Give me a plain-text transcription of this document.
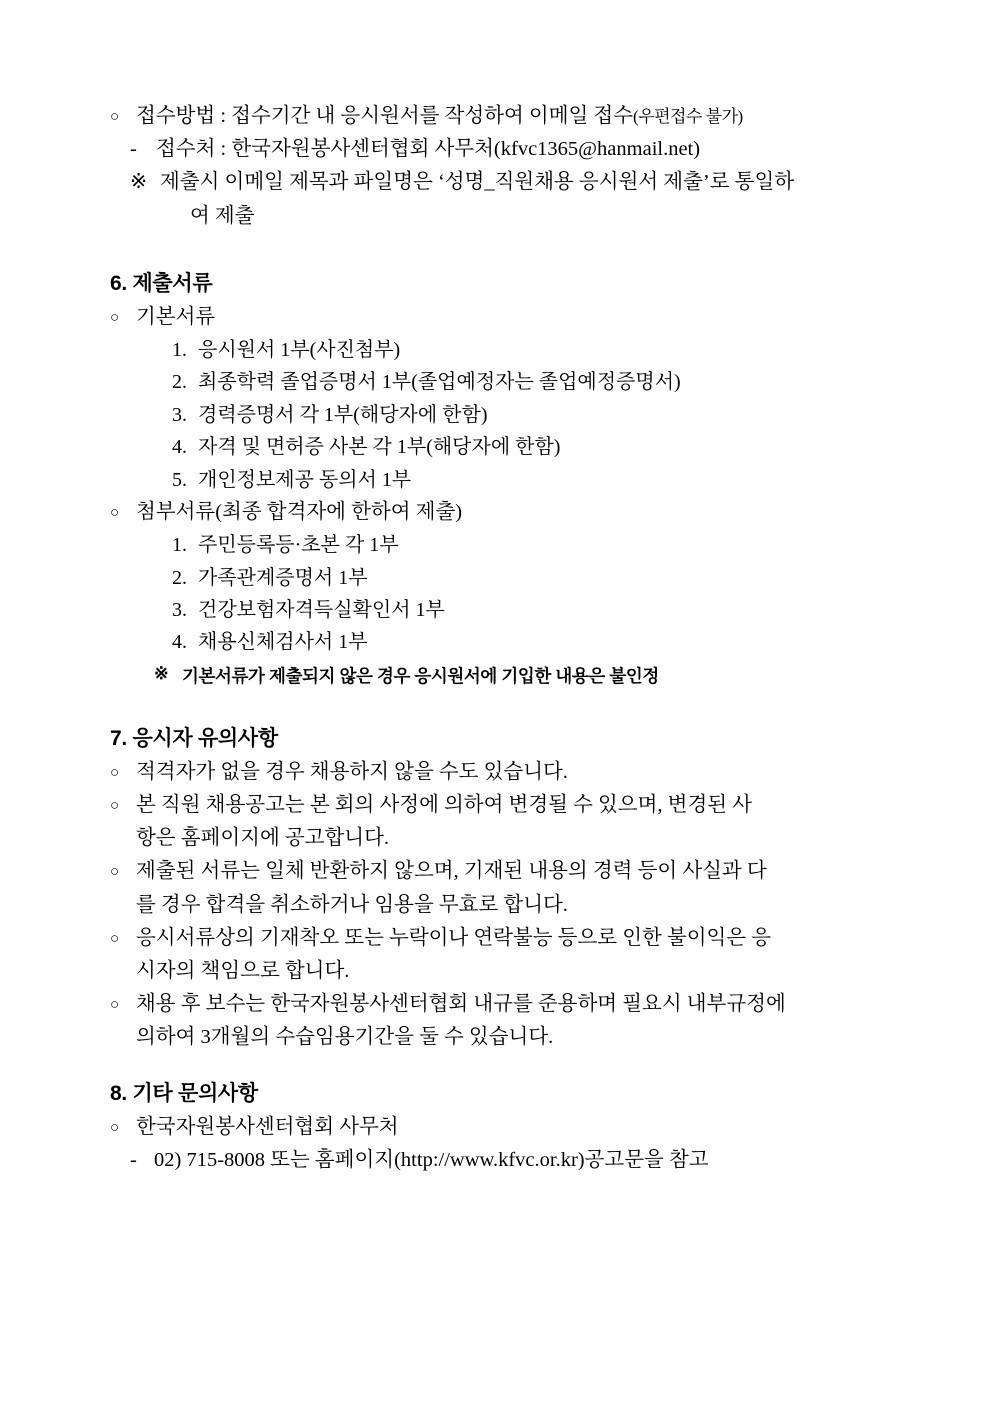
○
접수방법 : 접수기간 내 응시원서를 작성하여 이메일 접수(우편접수 불가)
- 접수처 : 한국자원봉사센터협회 사무처(kfvc1365@hanmail.net)
※ 제출시 이메일 제목과 파일명은 ‘성명_직원채용 응시원서 제출’로 통일하
여 제출
6. 제출서류
○
기본서류
1. 응시원서 1부(사진첨부)
2. 최종학력 졸업증명서 1부(졸업예정자는 졸업예정증명서)
3. 경력증명서 각 1부(해당자에 한함)
4. 자격 및 면허증 사본 각 1부(해당자에 한함)
5. 개인정보제공 동의서 1부
○
첨부서류(최종 합격자에 한하여 제출)
1. 주민등록등·초본 각 1부
2. 가족관계증명서 1부
3. 건강보험자격득실확인서 1부
4. 채용신체검사서 1부
※ 기본서류가 제출되지 않은 경우 응시원서에 기입한 내용은 불인정
7. 응시자 유의사항
○
적격자가 없을 경우 채용하지 않을 수도 있습니다.
○
본 직원 채용공고는 본 회의 사정에 의하여 변경될 수 있으며, 변경된 사
항은 홈페이지에 공고합니다.
○
제출된 서류는 일체 반환하지 않으며, 기재된 내용의 경력 등이 사실과 다
를 경우 합격을 취소하거나 임용을 무효로 합니다.
○
응시서류상의 기재착오 또는 누락이나 연락불능 등으로 인한 불이익은 응
시자의 책임으로 합니다.
○
채용 후 보수는 한국자원봉사센터협회 내규를 준용하며 필요시 내부규정에
의하여 3개월의 수습임용기간을 둘 수 있습니다.
8. 기타 문의사항
○
한국자원봉사센터협회 사무처
- 02) 715-8008 또는 홈페이지(http://www.kfvc.or.kr)공고문을 참고
